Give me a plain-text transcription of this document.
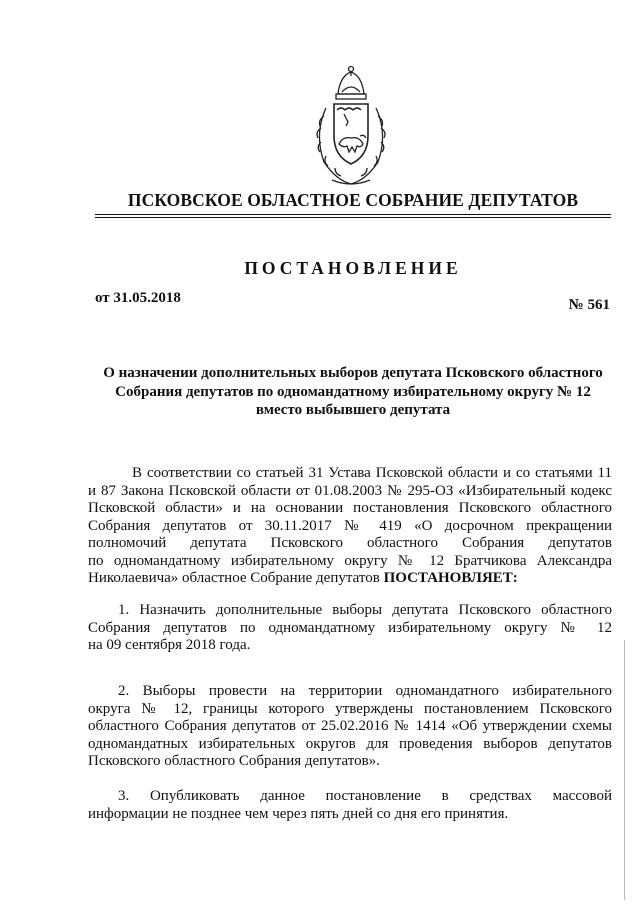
ПСКОВСКОЕ ОБЛАСТНОЕ СОБРАНИЕ ДЕПУТАТОВ
ПОСТАНОВЛЕНИЕ
от 31.05.2018	№ 561
О назначении дополнительных выборов депутата Псковского областного
Собрания депутатов по одномандатному избирательному округу № 12
вместо выбывшего депутата
В соответствии со статьей 31 Устава Псковской области и со статьями 11
и 87 Закона Псковской области от 01.08.2003 № 295-ОЗ «Избирательный кодекс
Псковской области» и на основании постановления Псковского областного
Собрания депутатов от 30.11.2017 № 419 «О досрочном прекращении
полномочий депутата Псковского областного Собрания депутатов
по одномандатному избирательному округу № 12 Братчикова Александра
Николаевича» областное Собрание депутатов ПОСТАНОВЛЯЕТ:
1. Назначить дополнительные выборы депутата Псковского областного
Собрания депутатов по одномандатному избирательному округу № 12
на 09 сентября 2018 года.
2. Выборы провести на территории одномандатного избирательного
округа № 12, границы которого утверждены постановлением Псковского
областного Собрания депутатов от 25.02.2016 № 1414 «Об утверждении схемы
одномандатных избирательных округов для проведения выборов депутатов
Псковского областного Собрания депутатов».
3. Опубликовать данное постановление в средствах массовой
информации не позднее чем через пять дней со дня его принятия.
